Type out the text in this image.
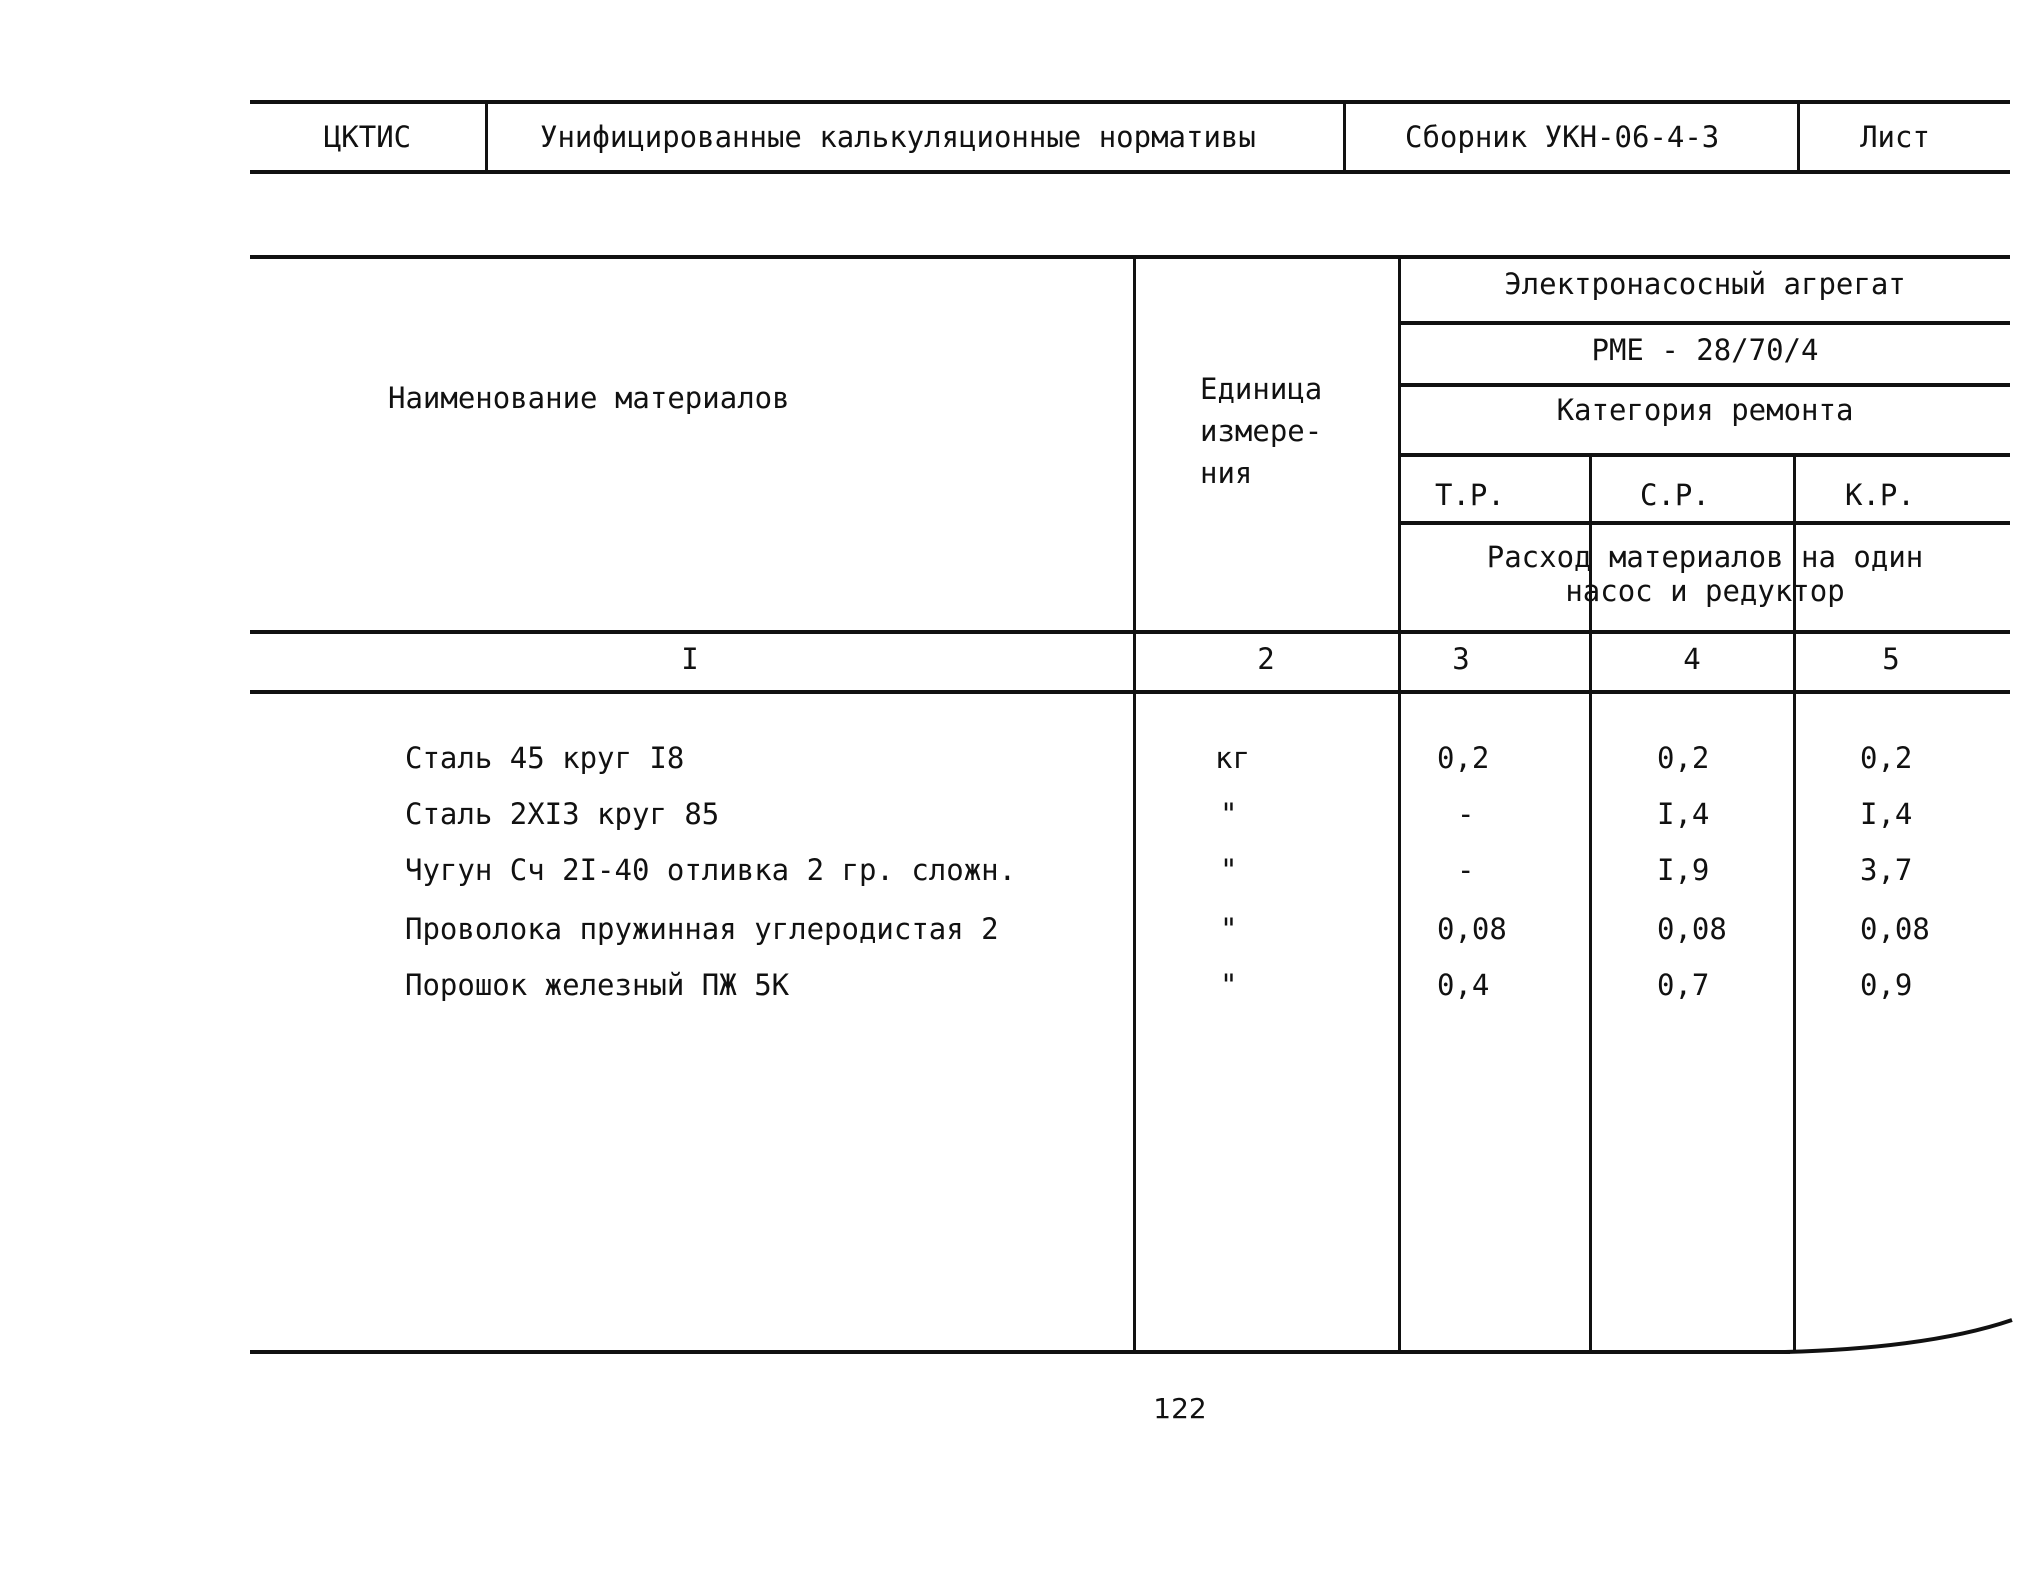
ЦКТИС	Унифицированные калькуляционные нормативы	Сборник УКН-06-4-3	Лист
Наименование материалов	Единица
измере-
ния
Электронасосный агрегат
РМЕ - 28/70/4
Категория ремонта
Т.Р.	С.Р.	К.Р.
Расход материалов на один
насос и редуктор
I	2	3	4	5
Сталь 45 круг I8	кг	0,2	0,2	0,2
Сталь 2ХI3 круг 85	"	-	I,4	I,4
Чугун Сч 2I-40 отливка 2 гр. сложн.	"	-	I,9	3,7
Проволока пружинная углеродистая 2	"	0,08	0,08	0,08
Порошок железный ПЖ 5К	"	0,4	0,7	0,9
122
